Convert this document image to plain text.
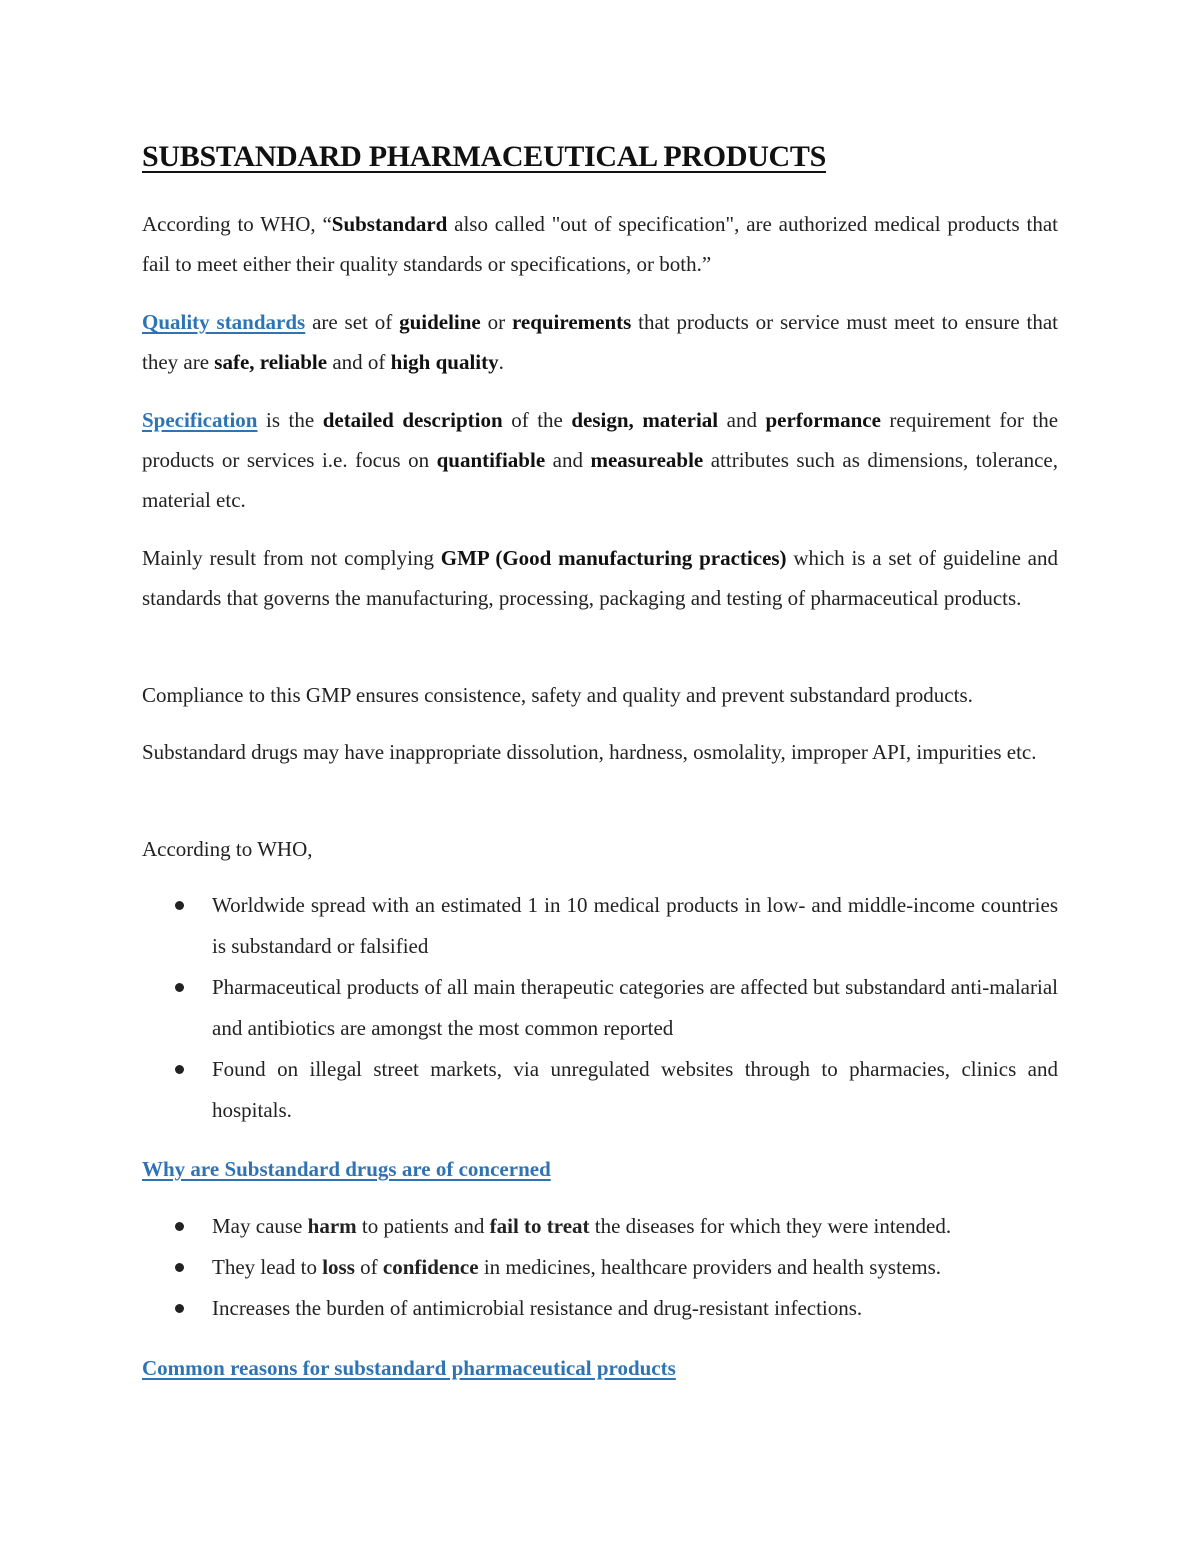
SUBSTANDARD PHARMACEUTICAL PRODUCTS

According to WHO, “Substandard also called "out of specification", are authorized medical products that fail to meet either their quality standards or specifications, or both.”

Quality standards are set of guideline or requirements that products or service must meet to ensure that they are safe, reliable and of high quality.

Specification is the detailed description of the design, material and performance requirement for the products or services i.e. focus on quantifiable and measureable attributes such as dimensions, tolerance, material etc.

Mainly result from not complying GMP (Good manufacturing practices) which is a set of guideline and standards that governs the manufacturing, processing, packaging and testing of pharmaceutical products.

Compliance to this GMP ensures consistence, safety and quality and prevent substandard products.

Substandard drugs may have inappropriate dissolution, hardness, osmolality, improper API, impurities etc.

According to WHO,

Worldwide spread with an estimated 1 in 10 medical products in low- and middle-income countries is substandard or falsified
Pharmaceutical products of all main therapeutic categories are affected but substandard anti-malarial and antibiotics are amongst the most common reported
Found on illegal street markets, via unregulated websites through to pharmacies, clinics and hospitals.
Why are Substandard drugs are of concerned
May cause harm to patients and fail to treat the diseases for which they were intended.
They lead to loss of confidence in medicines, healthcare providers and health systems.
Increases the burden of antimicrobial resistance and drug-resistant infections.
Common reasons for substandard pharmaceutical products
